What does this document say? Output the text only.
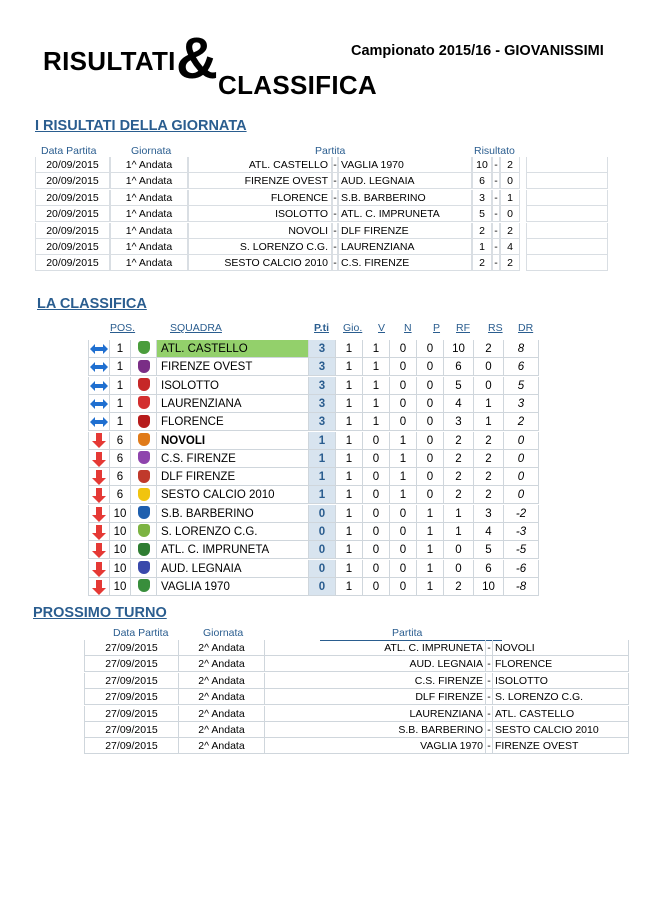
RISULTATI & CLASSIFICA
Campionato 2015/16 - GIOVANISSIMI
I RISULTATI DELLA GIORNATA
Data Partita	Giornata	Partita	Risultato
20/09/2015	1^ Andata	ATL. CASTELLO - VAGLIA 1970	10 - 2
20/09/2015	1^ Andata	FIRENZE OVEST - AUD. LEGNAIA	6 - 0
20/09/2015	1^ Andata	FLORENCE - S.B. BARBERINO	3 - 1
20/09/2015	1^ Andata	ISOLOTTO - ATL. C. IMPRUNETA	5 - 0
20/09/2015	1^ Andata	NOVOLI - DLF FIRENZE	2 - 2
20/09/2015	1^ Andata	S. LORENZO C.G. - LAURENZIANA	1 - 4
20/09/2015	1^ Andata	SESTO CALCIO 2010 - C.S. FIRENZE	2 - 2
LA CLASSIFICA
POS.	SQUADRA	P.ti Gio. V N P RF RS DR
1	ATL. CASTELLO	3	1	1	0	0	10	2	8
1	FIRENZE OVEST	3	1	1	0	0	6	0	6
1	ISOLOTTO	3	1	1	0	0	5	0	5
1	LAURENZIANA	3	1	1	0	0	4	1	3
1	FLORENCE	3	1	1	0	0	3	1	2
6	NOVOLI	1	1	0	1	0	2	2	0
6	C.S. FIRENZE	1	1	0	1	0	2	2	0
6	DLF FIRENZE	1	1	0	1	0	2	2	0
6	SESTO CALCIO 2010	1	1	0	1	0	2	2	0
10	S.B. BARBERINO	0	1	0	0	1	1	3	-2
10	S. LORENZO C.G.	0	1	0	0	1	1	4	-3
10	ATL. C. IMPRUNETA	0	1	0	0	1	0	5	-5
10	AUD. LEGNAIA	0	1	0	0	1	0	6	-6
10	VAGLIA 1970	0	1	0	0	1	2	10	-8
PROSSIMO TURNO
Data Partita	Giornata	Partita
27/09/2015	2^ Andata	ATL. C. IMPRUNETA - NOVOLI
27/09/2015	2^ Andata	AUD. LEGNAIA - FLORENCE
27/09/2015	2^ Andata	C.S. FIRENZE - ISOLOTTO
27/09/2015	2^ Andata	DLF FIRENZE - S. LORENZO C.G.
27/09/2015	2^ Andata	LAURENZIANA - ATL. CASTELLO
27/09/2015	2^ Andata	S.B. BARBERINO - SESTO CALCIO 2010
27/09/2015	2^ Andata	VAGLIA 1970 - FIRENZE OVEST
